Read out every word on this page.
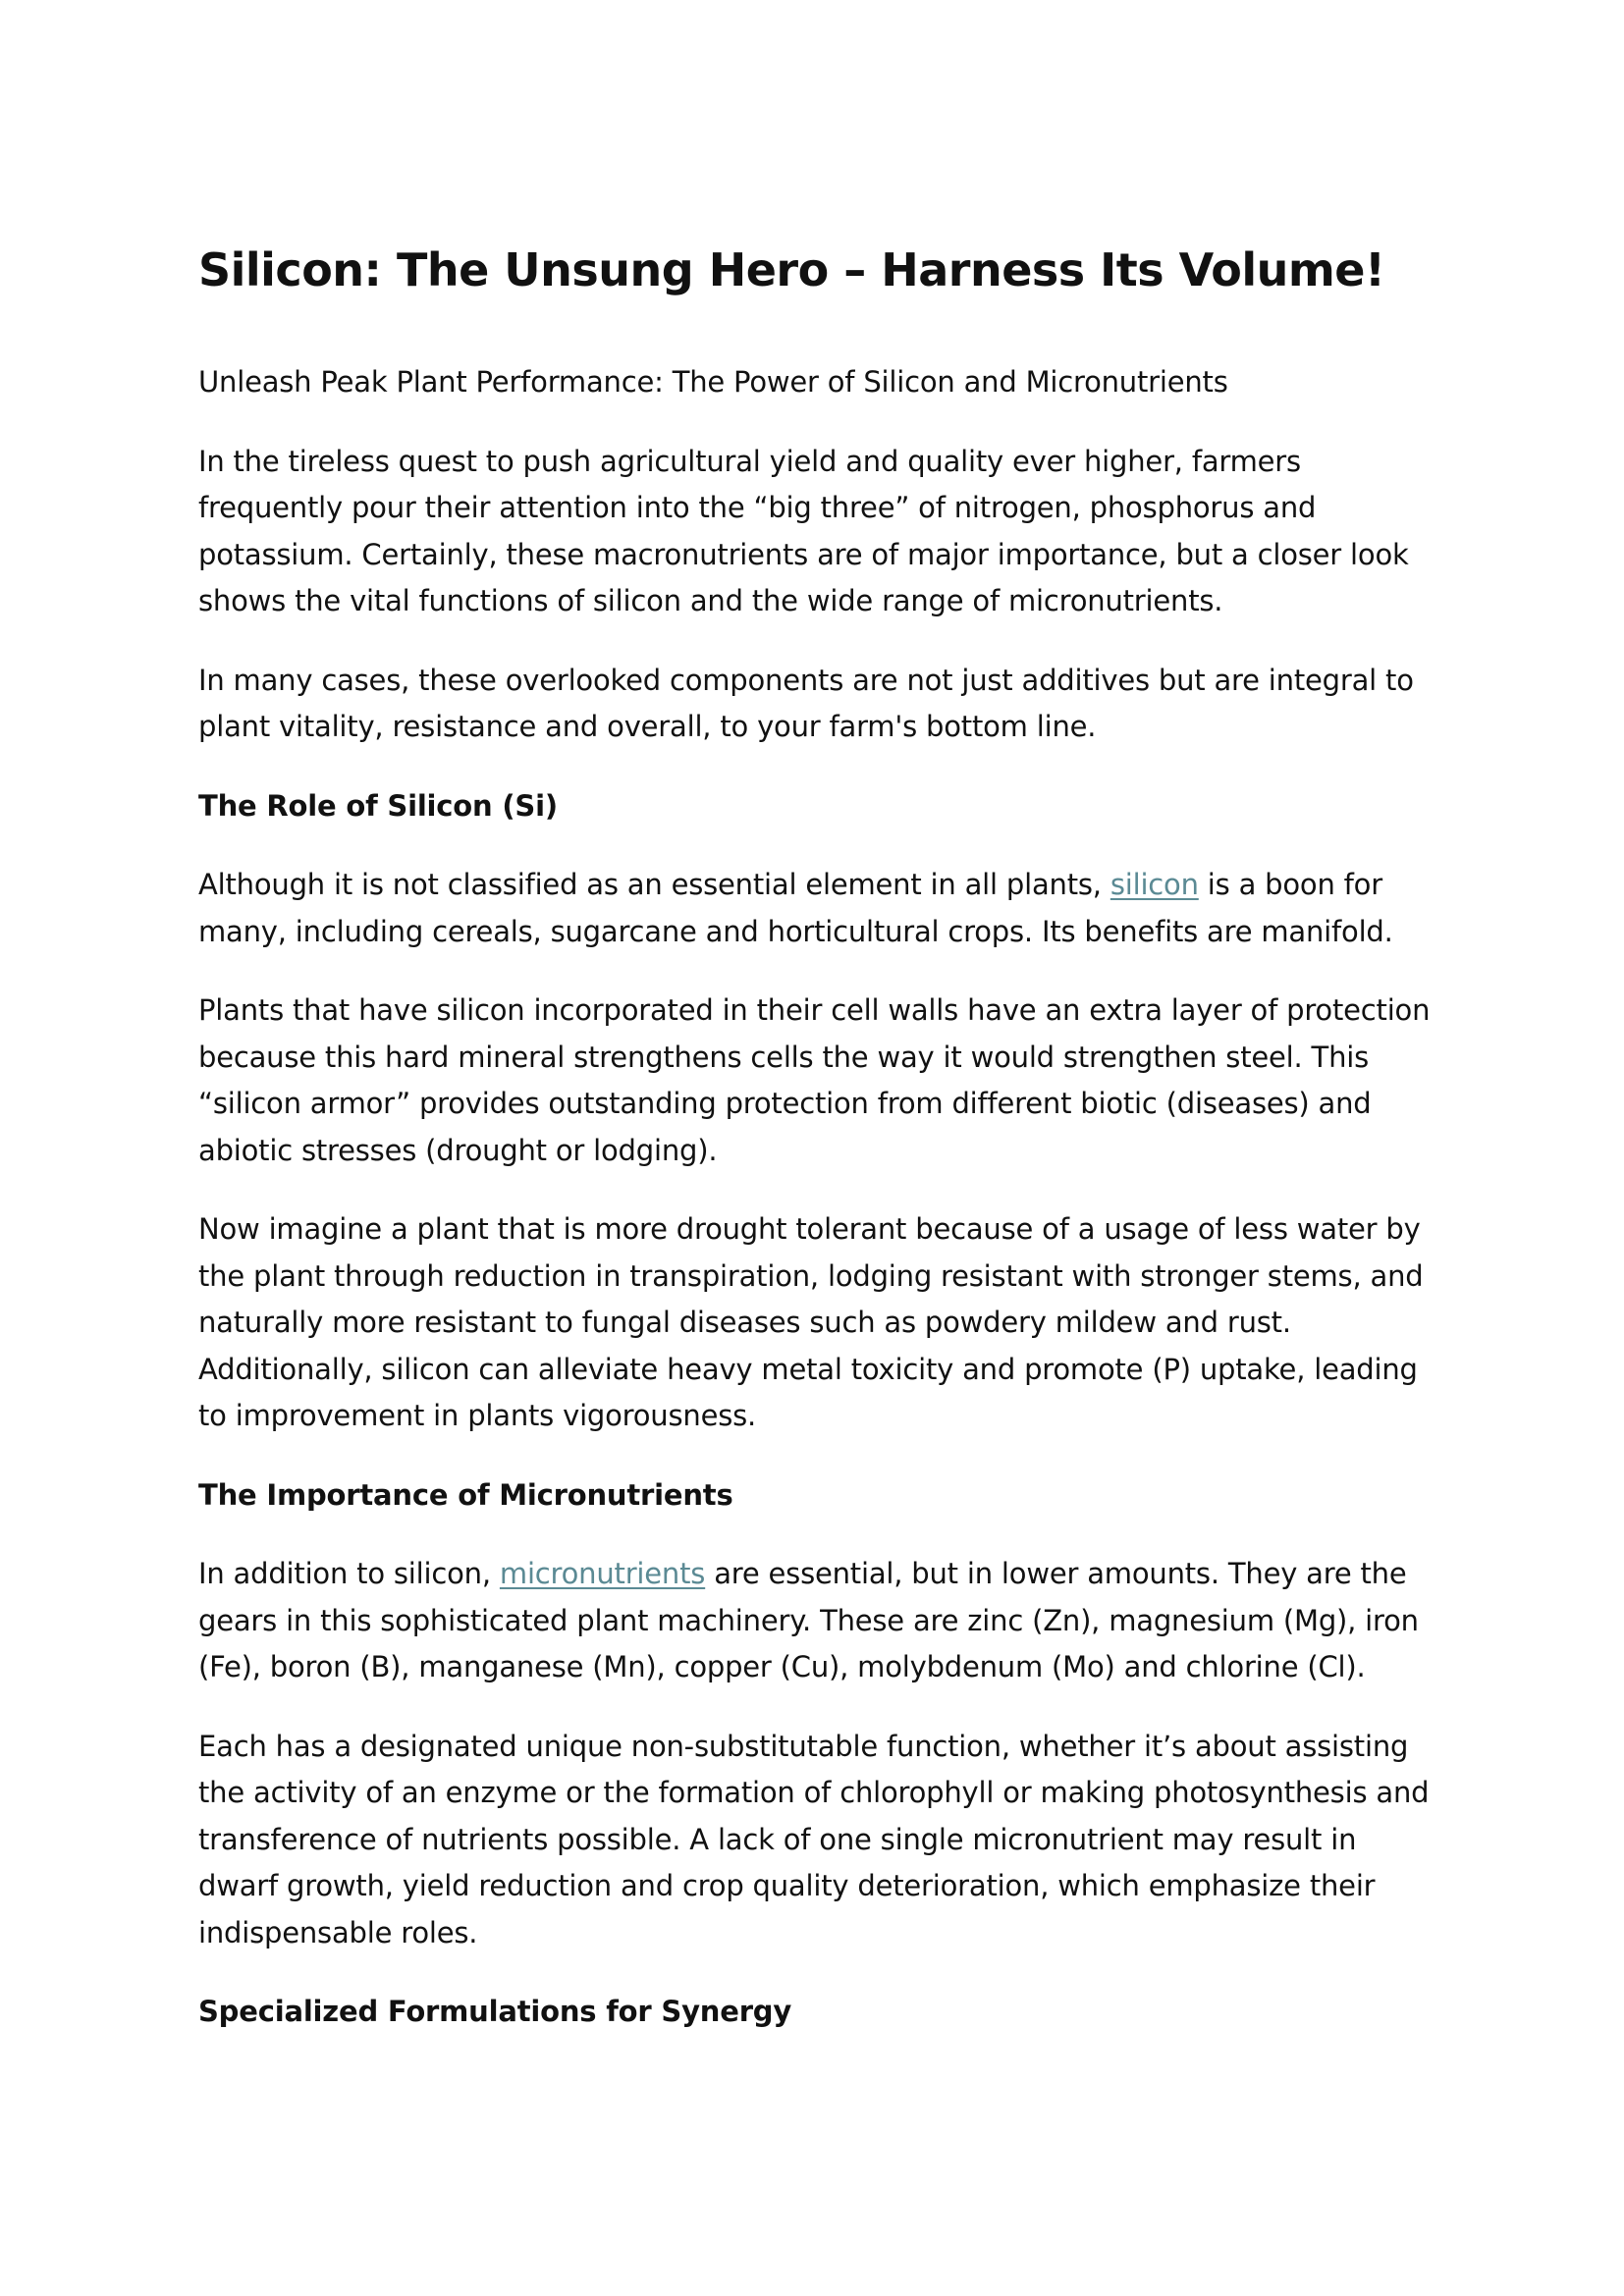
Silicon: The Unsung Hero – Harness Its Volume!

Unleash Peak Plant Performance: The Power of Silicon and Micronutrients

In the tireless quest to push agricultural yield and quality ever higher, farmers frequently pour their attention into the “big three” of nitrogen, phosphorus and potassium. Certainly, these macronutrients are of major importance, but a closer look shows the vital functions of silicon and the wide range of micronutrients.

In many cases, these overlooked components are not just additives but are integral to plant vitality, resistance and overall, to your farm's bottom line.

The Role of Silicon (Si)

Although it is not classified as an essential element in all plants, silicon is a boon for many, including cereals, sugarcane and horticultural crops. Its benefits are manifold.

Plants that have silicon incorporated in their cell walls have an extra layer of protection because this hard mineral strengthens cells the way it would strengthen steel. This “silicon armor” provides outstanding protection from different biotic (diseases) and abiotic stresses (drought or lodging).

Now imagine a plant that is more drought tolerant because of a usage of less water by the plant through reduction in transpiration, lodging resistant with stronger stems, and naturally more resistant to fungal diseases such as powdery mildew and rust. Additionally, silicon can alleviate heavy metal toxicity and promote (P) uptake, leading to improvement in plants vigorousness.

The Importance of Micronutrients

In addition to silicon, micronutrients are essential, but in lower amounts. They are the gears in this sophisticated plant machinery. These are zinc (Zn), magnesium (Mg), iron (Fe), boron (B), manganese (Mn), copper (Cu), molybdenum (Mo) and chlorine (Cl).

Each has a designated unique non-substitutable function, whether it’s about assisting the activity of an enzyme or the formation of chlorophyll or making photosynthesis and transference of nutrients possible. A lack of one single micronutrient may result in dwarf growth, yield reduction and crop quality deterioration, which emphasize their indispensable roles.

Specialized Formulations for Synergy
